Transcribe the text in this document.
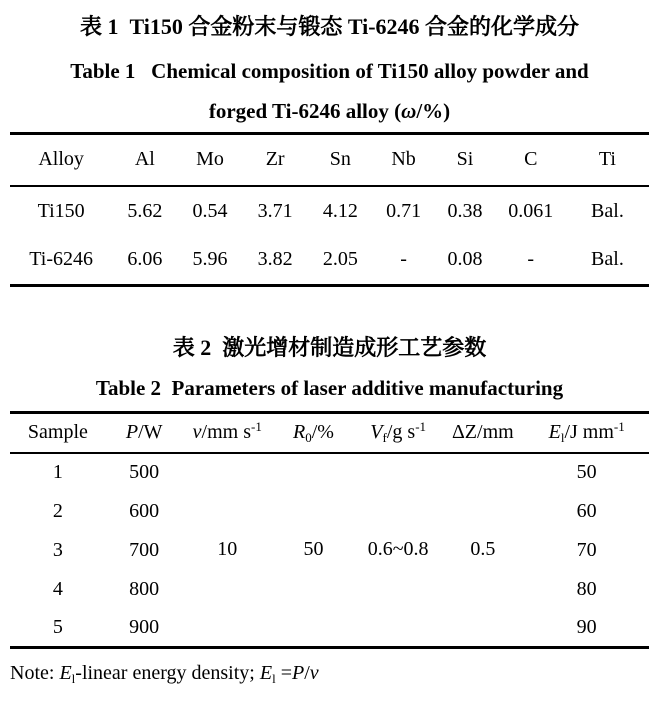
表 1  Ti150 合金粉末与锻态 Ti-6246 合金的化学成分
Table 1   Chemical composition of Ti150 alloy powder and
forged Ti-6246 alloy (ω/%)
Alloy	Al	Mo	Zr	Sn	Nb	Si	C	Ti
Ti150	5.62	0.54	3.71	4.12	0.71	0.38	0.061	Bal.
Ti-6246	6.06	5.96	3.82	2.05	-	0.08	-	Bal.
表 2  激光增材制造成形工艺参数
Table 2  Parameters of laser additive manufacturing
Sample	P/W	v/mm $s^{-1}$	$R_0/\%$	$V_f/g$ $s^{-1}$	ΔZ/mm	$E_l/J$ $mm^{-1}$
1	500	10	50	0.6~0.8	0.5	50
2	600					60
3	700					70
4	800					80
5	900					90
Note: $E_l$-linear energy density; $E_l =P/v$
